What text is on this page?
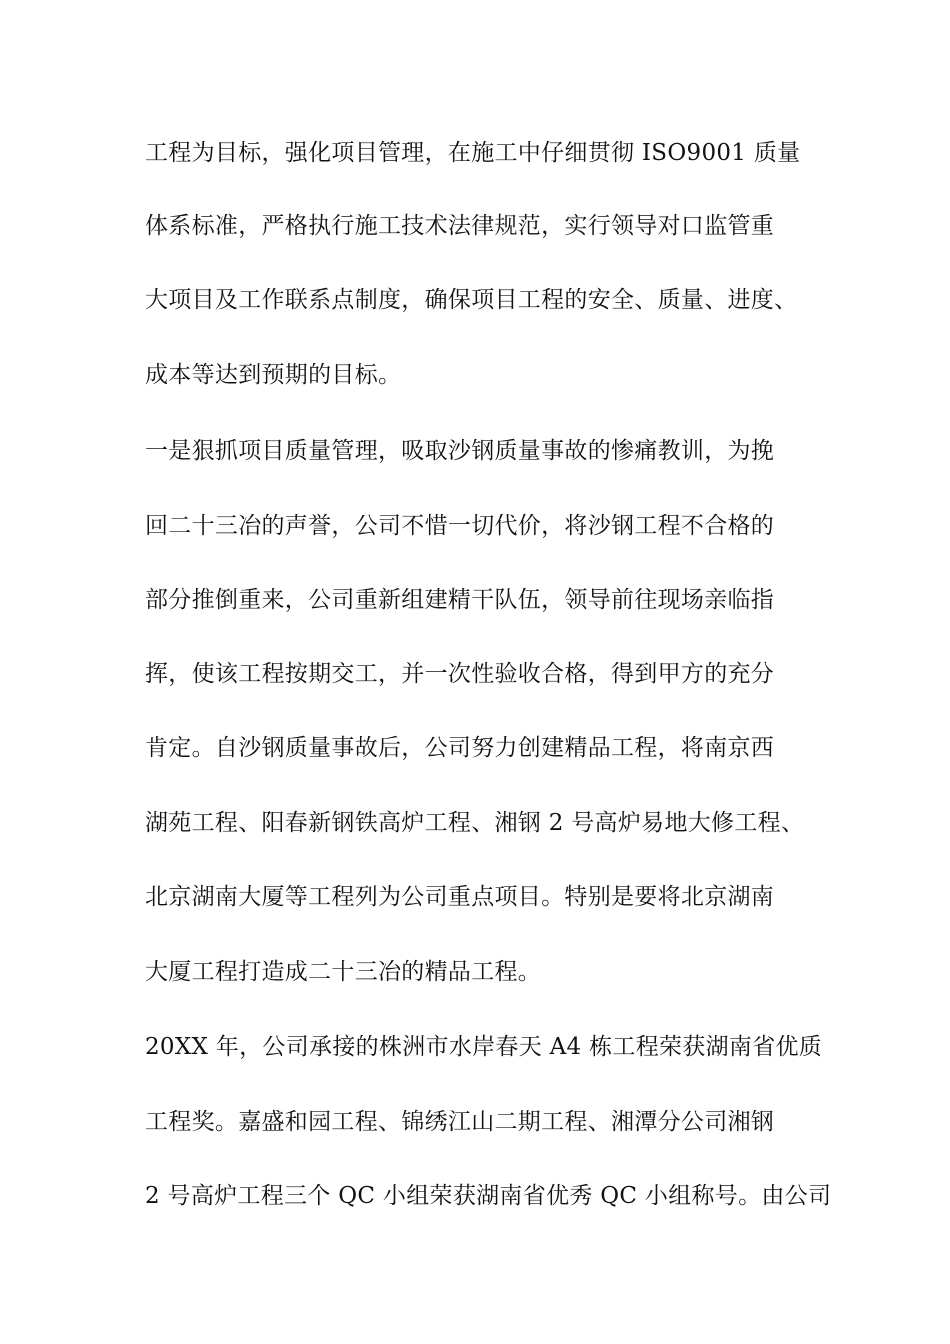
工程为目标，强化项目管理，在施工中仔细贯彻 ISO9001 质量
体系标准，严格执行施工技术法律规范，实行领导对口监管重
大项目及工作联系点制度，确保项目工程的安全、质量、进度、
成本等达到预期的目标。
一是狠抓项目质量管理，吸取沙钢质量事故的惨痛教训，为挽
回二十三冶的声誉，公司不惜一切代价，将沙钢工程不合格的
部分推倒重来，公司重新组建精干队伍，领导前往现场亲临指
挥，使该工程按期交工，并一次性验收合格，得到甲方的充分
肯定。自沙钢质量事故后，公司努力创建精品工程，将南京西
湖苑工程、阳春新钢铁高炉工程、湘钢 2 号高炉易地大修工程、
北京湖南大厦等工程列为公司重点项目。特别是要将北京湖南
大厦工程打造成二十三冶的精品工程。
20XX 年，公司承接的株洲市水岸春天 A4 栋工程荣获湖南省优质
工程奖。嘉盛和园工程、锦绣江山二期工程、湘潭分公司湘钢
2 号高炉工程三个 QC 小组荣获湖南省优秀 QC 小组称号。由公司
